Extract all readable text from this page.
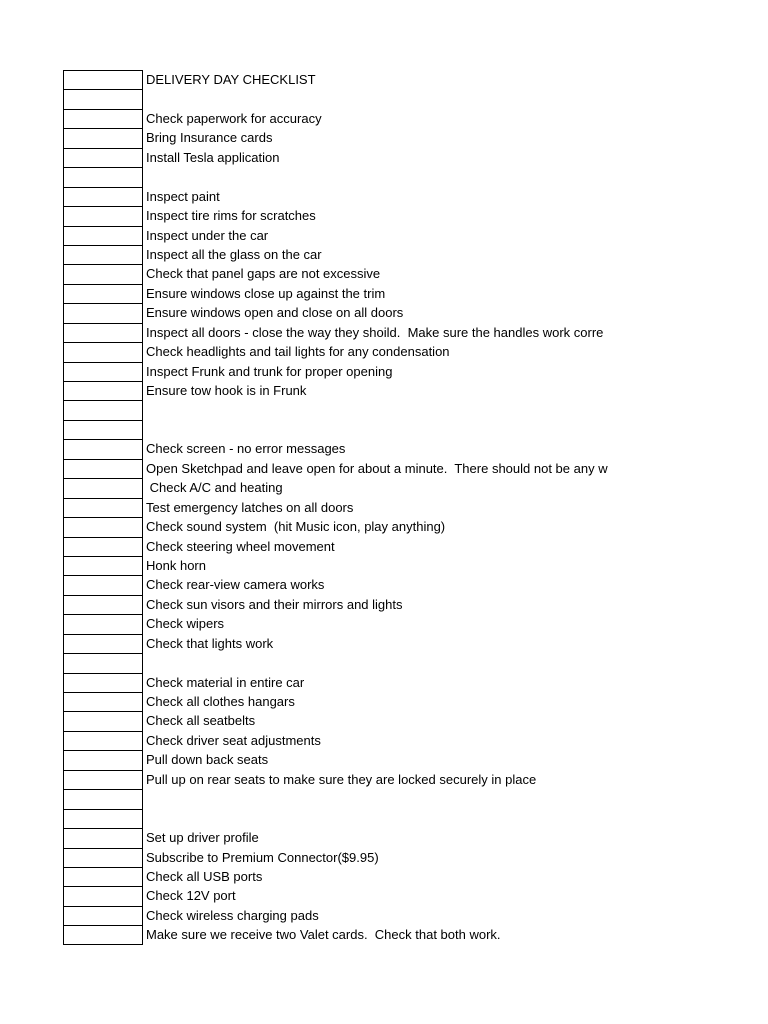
DELIVERY DAY CHECKLIST
Check paperwork for accuracy
Bring Insurance cards
Install Tesla application
Inspect paint
Inspect tire rims for scratches
Inspect under the car
Inspect all the glass on the car
Check that panel gaps are not excessive
Ensure windows close up against the trim
Ensure windows open and close on all doors
Inspect all doors - close the way they shoild.  Make sure the handles work corre
Check headlights and tail lights for any condensation
Inspect Frunk and trunk for proper opening
Ensure tow hook is in Frunk
Check screen - no error messages
Open Sketchpad and leave open for about a minute.  There should not be any w
Check A/C and heating
Test emergency latches on all doors
Check sound system  (hit Music icon, play anything)
Check steering wheel movement
Honk horn
Check rear-view camera works
Check sun visors and their mirrors and lights
Check wipers
Check that lights work
Check material in entire car
Check all clothes hangars
Check all seatbelts
Check driver seat adjustments
Pull down back seats
Pull up on rear seats to make sure they are locked securely in place
Set up driver profile
Subscribe to Premium Connector($9.95)
Check all USB ports
Check 12V port
Check wireless charging pads
Make sure we receive two Valet cards.  Check that both work.
